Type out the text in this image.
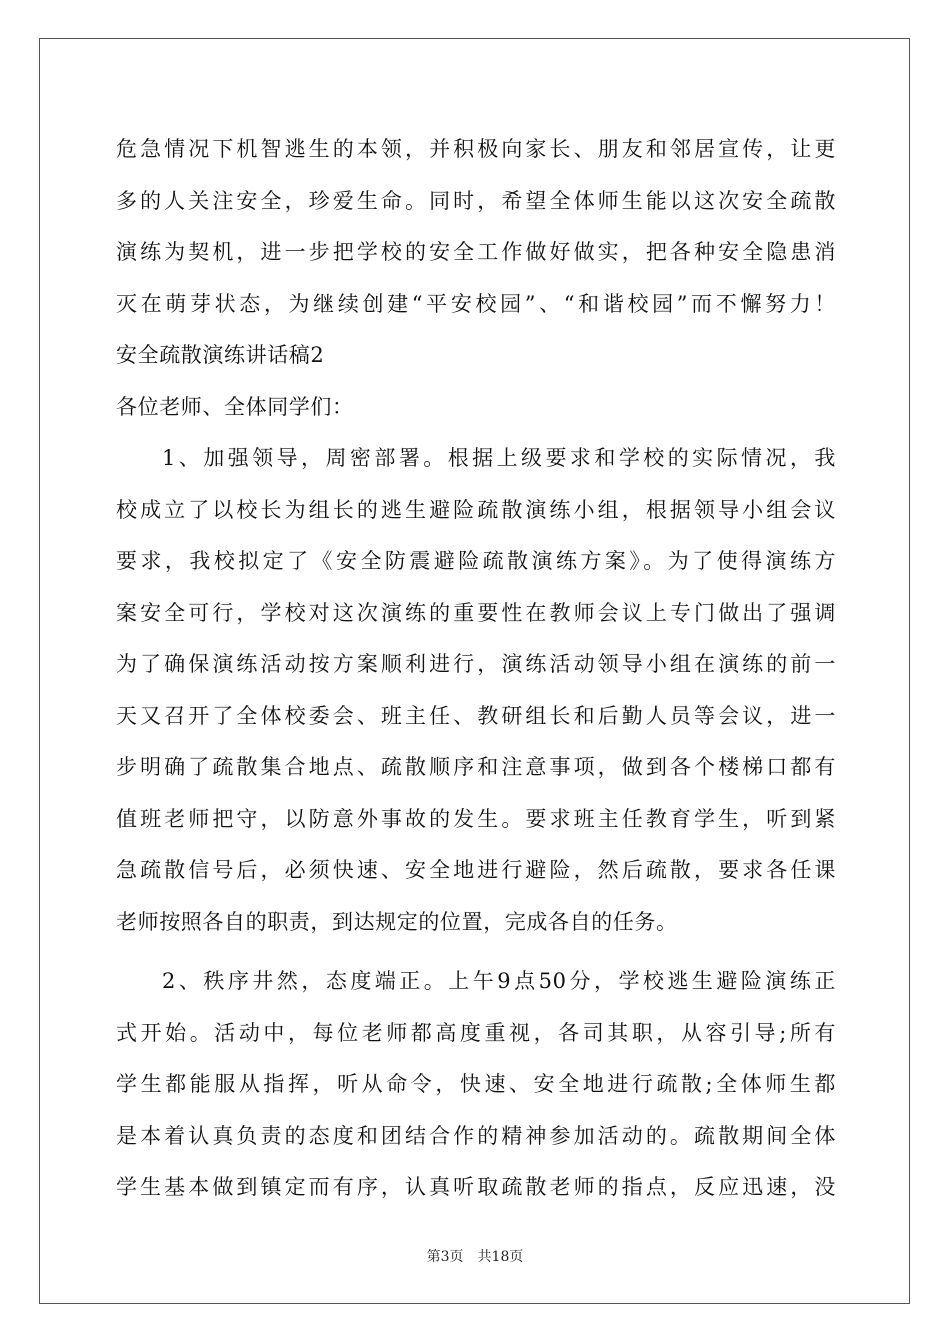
危急情况下机智逃生的本领，并积极向家长、朋友和邻居宣传，让更
多的人关注安全，珍爱生命。同时，希望全体师生能以这次安全疏散
演练为契机，进一步把学校的安全工作做好做实，把各种安全隐患消
灭在萌芽状态，为继续创建“平安校园”、“和谐校园”而不懈努力！
安全疏散演练讲话稿2
各位老师、全体同学们：
1、加强领导，周密部署。根据上级要求和学校的实际情况，我
校成立了以校长为组长的逃生避险疏散演练小组，根据领导小组会议
要求，我校拟定了《安全防震避险疏散演练方案》。为了使得演练方
案安全可行，学校对这次演练的重要性在教师会议上专门做出了强调
为了确保演练活动按方案顺利进行，演练活动领导小组在演练的前一
天又召开了全体校委会、班主任、教研组长和后勤人员等会议，进一
步明确了疏散集合地点、疏散顺序和注意事项，做到各个楼梯口都有
值班老师把守，以防意外事故的发生。要求班主任教育学生，听到紧
急疏散信号后，必须快速、安全地进行避险，然后疏散，要求各任课
老师按照各自的职责，到达规定的位置，完成各自的任务。
2、秩序井然，态度端正。上午9点50分，学校逃生避险演练正
式开始。活动中，每位老师都高度重视，各司其职，从容引导;所有
学生都能服从指挥，听从命令，快速、安全地进行疏散;全体师生都
是本着认真负责的态度和团结合作的精神参加活动的。疏散期间全体
学生基本做到镇定而有序，认真听取疏散老师的指点，反应迅速，没
第3页 共18页
